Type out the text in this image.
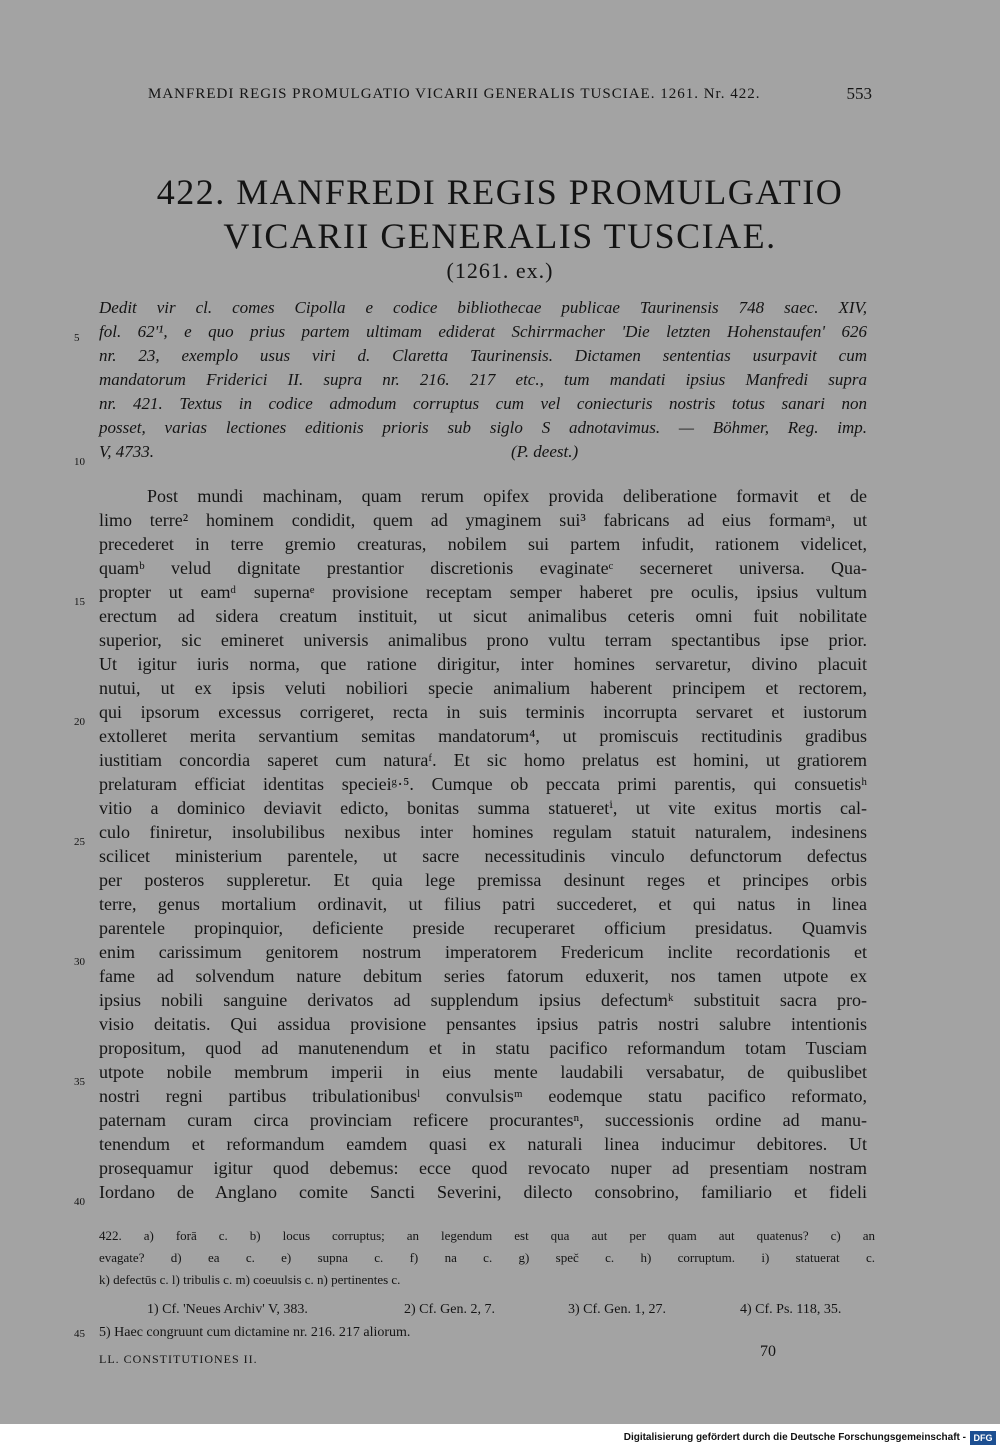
MANFREDI REGIS PROMULGATIO VICARII GENERALIS TUSCIAE. 1261. Nr. 422.	553
422. MANFREDI REGIS PROMULGATIO
VICARII GENERALIS TUSCIAE.
(1261. ex.)
Dedit vir cl. comes Cipolla e codice bibliothecae publicae Taurinensis 748 saec. XIV,
fol. 62'¹, e quo prius partem ultimam ediderat Schirrmacher 'Die letzten Hohenstaufen' 626
nr. 23, exemplo usus viri d. Claretta Taurinensis. Dictamen sententias usurpavit cum
mandatorum Friderici II. supra nr. 216. 217 etc., tum mandati ipsius Manfredi supra
nr. 421. Textus in codice admodum corruptus cum vel coniecturis nostris totus sanari non
posset, varias lectiones editionis prioris sub siglo S adnotavimus. — Böhmer, Reg. imp.
V, 4733.                                                                                    (P. deest.)
Post mundi machinam, quam rerum opifex provida deliberatione formavit et de
limo terre² hominem condidit, quem ad ymaginem sui³ fabricans ad eius formamᵃ, ut
precederet in terre gremio creaturas, nobilem sui partem infudit, rationem videlicet,
quamᵇ velud dignitate prestantior discretionis evaginateᶜ secerneret universa. Qua-
propter ut eamᵈ supernaᵉ provisione receptam semper haberet pre oculis, ipsius vultum
erectum ad sidera creatum instituit, ut sicut animalibus ceteris omni fuit nobilitate
superior, sic emineret universis animalibus prono vultu terram spectantibus ipse prior.
Ut igitur iuris norma, que ratione dirigitur, inter homines servaretur, divino placuit
nutui, ut ex ipsis veluti nobiliori specie animalium haberent principem et rectorem,
qui ipsorum excessus corrigeret, recta in suis terminis incorrupta servaret et iustorum
extolleret merita servantium semitas mandatorum⁴, ut promiscuis rectitudinis gradibus
iustitiam concordia saperet cum naturaᶠ. Et sic homo prelatus est homini, ut gratiorem
prelaturam efficiat identitas specieiᵍ·⁵. Cumque ob peccata primi parentis, qui consuetisʰ
vitio a dominico deviavit edicto, bonitas summa statueretⁱ, ut vite exitus mortis cal-
culo finiretur, insolubilibus nexibus inter homines regulam statuit naturalem, indesinens
scilicet ministerium parentele, ut sacre necessitudinis vinculo defunctorum defectus
per posteros suppleretur. Et quia lege premissa desinunt reges et principes orbis
terre, genus mortalium ordinavit, ut filius patri succederet, et qui natus in linea
parentele propinquior, deficiente preside recuperaret officium presidatus. Quamvis
enim carissimum genitorem nostrum imperatorem Fredericum inclite recordationis et
fame ad solvendum nature debitum series fatorum eduxerit, nos tamen utpote ex
ipsius nobili sanguine derivatos ad supplendum ipsius defectumᵏ substituit sacra pro-
visio deitatis. Qui assidua provisione pensantes ipsius patris nostri salubre intentionis
propositum, quod ad manutenendum et in statu pacifico reformandum totam Tusciam
utpote nobile membrum imperii in eius mente laudabili versabatur, de quibuslibet
nostri regni partibus tribulationibusˡ convulsisᵐ eodemque statu pacifico reformato,
paternam curam circa provinciam reficere procurantesⁿ, successionis ordine ad manu-
tenendum et reformandum eamdem quasi ex naturali linea inducimur debitores. Ut
prosequamur igitur quod debemus: ecce quod revocato nuper ad presentiam nostram
Iordano de Anglano comite Sancti Severini, dilecto consobrino, familiario et fideli
5
10
15
20
25
30
35
40
45
422. a) forā c. b) locus corruptus; an legendum est qua aut per quam aut quatenus? c) an
evagate? d) ea c. e) supna c. f) na c. g) speč c. h) corruptum. i) statuerat c.
k) defectūs c. l) tribulis c. m) coeuulsis c. n) pertinentes c.
1) Cf. 'Neues Archiv' V, 383.	2) Cf. Gen. 2, 7.	3) Cf. Gen. 1, 27.	4) Cf. Ps. 118, 35.
5) Haec congruunt cum dictamine nr. 216. 217 aliorum.
LL. CONSTITUTIONES II.	70
Digitalisierung gefördert durch die Deutsche Forschungsgemeinschaft - DFG
